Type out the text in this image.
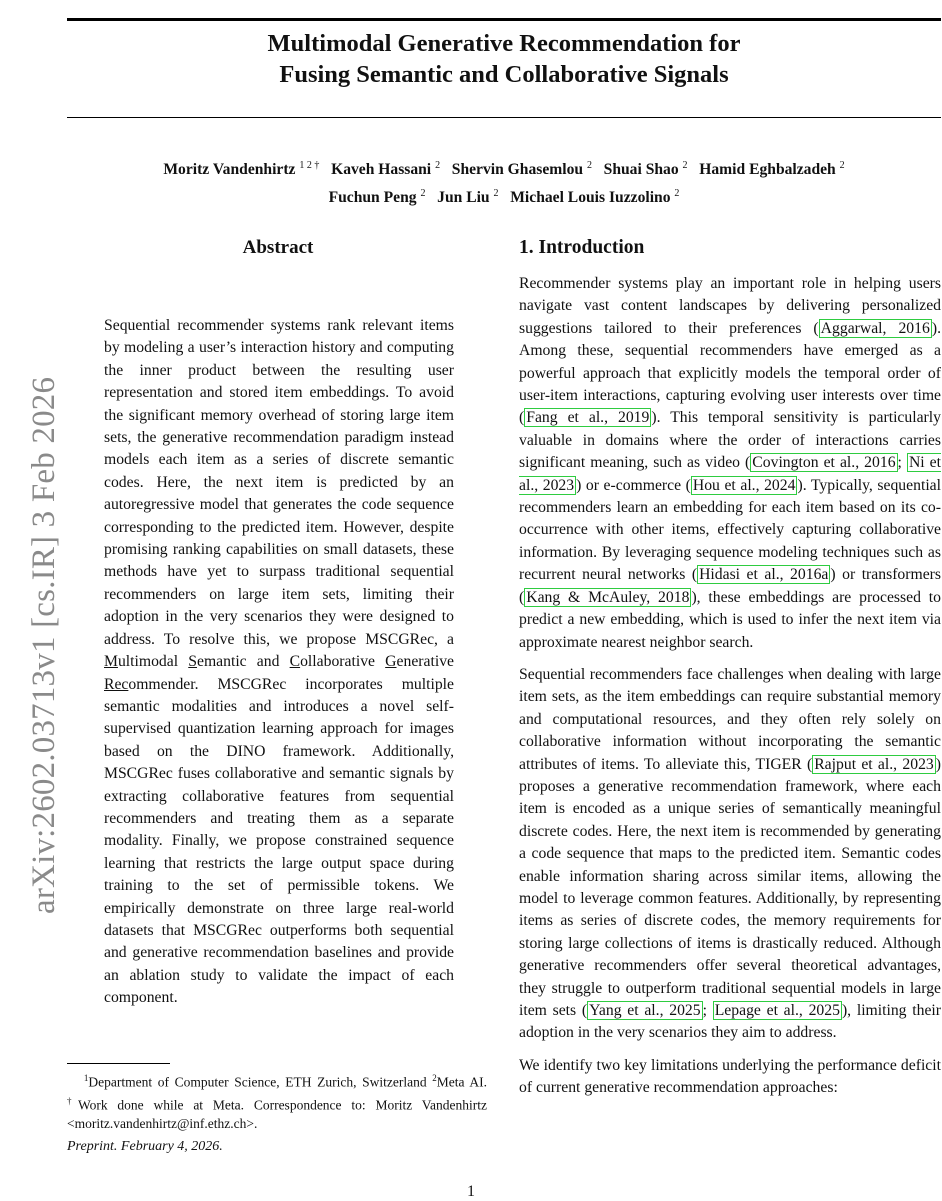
Multimodal Generative Recommendation for
Fusing Semantic and Collaborative Signals
Moritz Vandenhirtz $^{1 2 \dagger}$ Kaveh Hassani $^2$ Shervin Ghasemlou $^2$ Shuai Shao $^2$ Hamid Eghbalzadeh $^2$
Fuchun Peng $^2$ Jun Liu $^2$ Michael Louis Iuzzolino $^2$
arXiv:2602.03713v1 [cs.IR] 3 Feb 2026
Abstract	1. Introduction
Sequential recommender systems rank relevant items by modeling a user’s interaction history and computing the inner product between the resulting user representation and stored item embeddings. To avoid the significant memory overhead of storing large item sets, the generative recommendation paradigm instead models each item as a series of discrete semantic codes. Here, the next item is predicted by an autoregressive model that generates the code sequence corresponding to the predicted item. However, despite promising ranking capabilities on small datasets, these methods have yet to surpass traditional sequential recommenders on large item sets, limiting their adoption in the very scenarios they were designed to address. To resolve this, we propose MSCGRec, a Multimodal Semantic and Collaborative Generative Recommender. MSCGRec incorporates multiple semantic modalities and introduces a novel self-supervised quantization learning approach for images based on the DINO framework. Additionally, MSCGRec fuses collaborative and semantic signals by extracting collaborative features from sequential recommenders and treating them as a separate modality. Finally, we propose constrained sequence learning that restricts the large output space during training to the set of permissible tokens. We empirically demonstrate on three large real-world datasets that MSCGRec outperforms both sequential and generative recommendation baselines and provide an ablation study to validate the impact of each component.

Recommender systems play an important role in helping users navigate vast content landscapes by delivering personalized suggestions tailored to their preferences ( Aggarwal, 2016 ). Among these, sequential recommenders have emerged as a powerful approach that explicitly models the temporal order of user-item interactions, capturing evolving user interests over time ( Fang et al., 2019 ). This temporal sensitivity is particularly valuable in domains where the order of interactions carries significant meaning, such as video ( Covington et al., 2016 ; Ni et al., 2023 ) or e-commerce ( Hou et al., 2024 ). Typically, sequential recommenders learn an embedding for each item based on its co-occurrence with other items, effectively capturing collaborative information. By leveraging sequence modeling techniques such as recurrent neural networks ( Hidasi et al., 2016a ) or transformers ( Kang & McAuley, 2018 ), these embeddings are processed to predict a new embedding, which is used to infer the next item via approximate nearest neighbor search.

Sequential recommenders face challenges when dealing with large item sets, as the item embeddings can require substantial memory and computational resources, and they often rely solely on collaborative information without incorporating the semantic attributes of items. To alleviate this, TIGER ( Rajput et al., 2023 ) proposes a generative recommendation framework, where each item is encoded as a unique series of semantically meaningful discrete codes. Here, the next item is recommended by generating a code sequence that maps to the predicted item. Semantic codes enable information sharing across similar items, allowing the model to leverage common features. Additionally, by representing items as series of discrete codes, the memory requirements for storing large collections of items is drastically reduced. Although generative recommenders offer several theoretical advantages, they struggle to outperform traditional sequential models in large item sets ( Yang et al., 2025 ; Lepage et al., 2025 ), limiting their adoption in the very scenarios they aim to address.

We identify two key limitations underlying the performance deficit of current generative recommendation approaches:

$^1$Department of Computer Science, ETH Zurich, Switzerland $^2$Meta AI. †Work done while at Meta. Correspondence to: Moritz Vandenhirtz <moritz.vandenhirtz@inf.ethz.ch>.
Preprint. February 4, 2026.
1
